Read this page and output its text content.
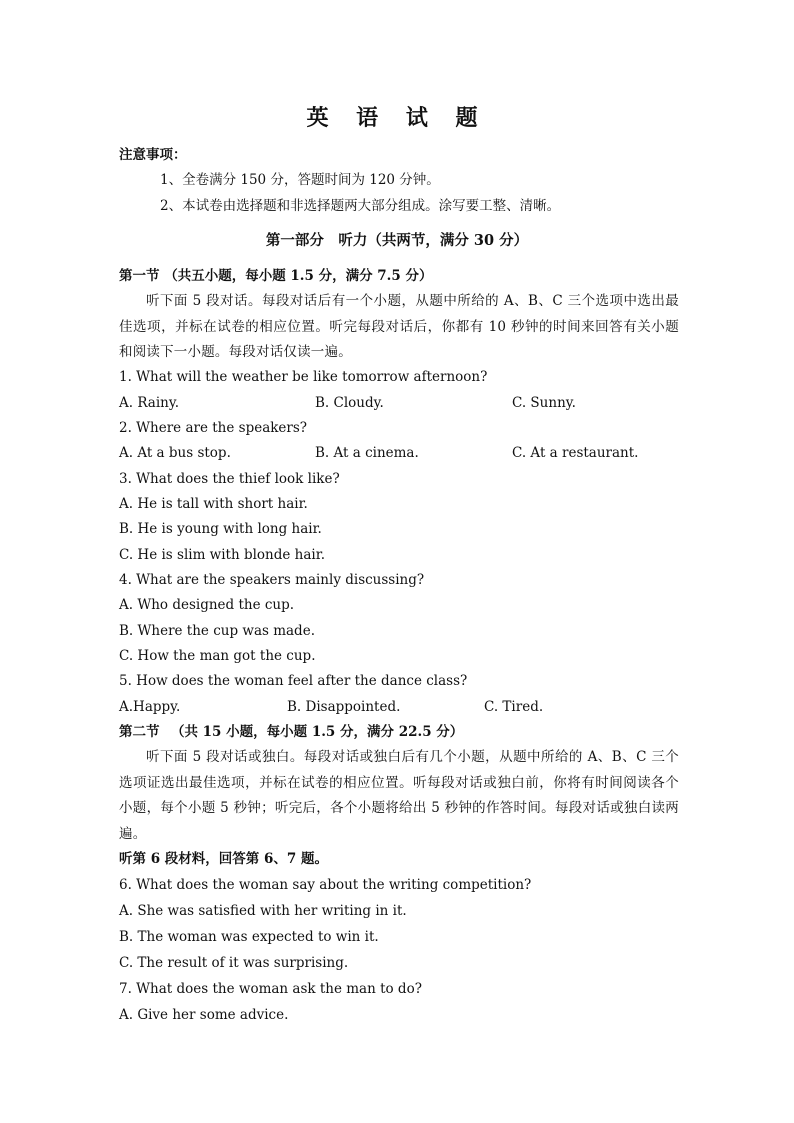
英 语 试 题
注意事项：
1、全卷满分 150 分，答题时间为 120 分钟。
2、本试卷由选择题和非选择题两大部分组成。涂写要工整、清晰。
第一部分　听力（共两节，满分 30 分）
第一节 （共五小题，每小题 1.5 分，满分 7.5 分）
听下面 5 段对话。每段对话后有一个小题，从题中所给的 A、B、C 三个选项中选出最佳选项，并标在试卷的相应位置。听完每段对话后，你都有 10 秒钟的时间来回答有关小题和阅读下一小题。每段对话仅读一遍。
1. What will the weather be like tomorrow afternoon?
A. Rainy.	B. Cloudy.	C. Sunny.
2. Where are the speakers?
A. At a bus stop.	B. At a cinema.	C. At a restaurant.
3. What does the thief look like?
A. He is tall with short hair.
B. He is young with long hair.
C. He is slim with blonde hair.
4. What are the speakers mainly discussing?
A. Who designed the cup.
B. Where the cup was made.
C. How the man got the cup.
5. How does the woman feel after the dance class?
A.Happy.	B. Disappointed.	C. Tired.
第二节 　（共 15 小题，每小题 1.5 分，满分 22.5 分）
听下面 5 段对话或独白。每段对话或独白后有几个小题，从题中所给的 A、B、C 三个选项证选出最佳选项，并标在试卷的相应位置。听每段对话或独白前，你将有时间阅读各个小题，每个小题 5 秒钟；听完后，各个小题将给出 5 秒钟的作答时间。每段对话或独白读两遍。
听第 6 段材料，回答第 6、7 题。
6. What does the woman say about the writing competition?
A. She was satisfied with her writing in it.
B. The woman was expected to win it.
C. The result of it was surprising.
7. What does the woman ask the man to do?
A. Give her some advice.
